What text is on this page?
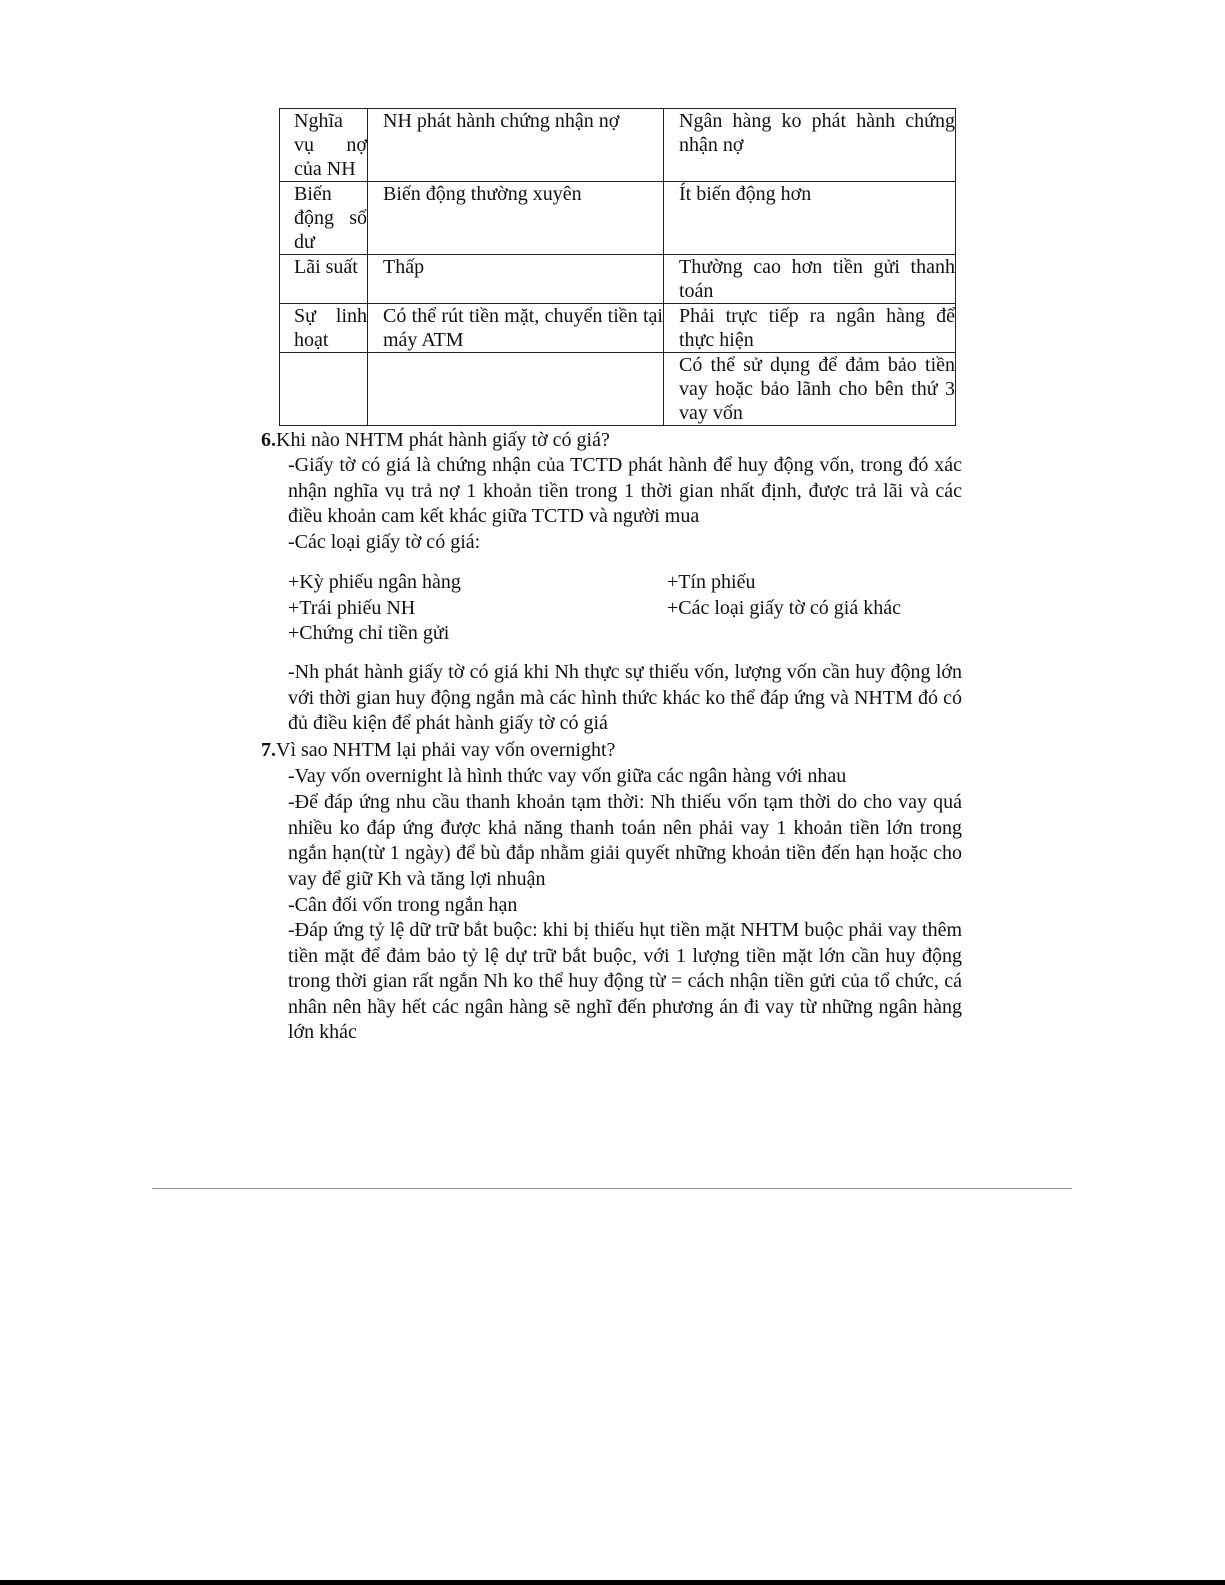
Nghĩa vụ nợ của NH	NH phát hành chứng nhận nợ	Ngân hàng ko phát hành chứng nhận nợ
Biến động số dư	Biến động thường xuyên	Ít biến động hơn
Lãi suất	Thấp	Thường cao hơn tiền gửi thanh toán
Sự linh hoạt	Có thể rút tiền mặt, chuyển tiền tại máy ATM	Phải trực tiếp ra ngân hàng để thực hiện
		Có thể sử dụng để đảm bảo tiền vay hoặc bảo lãnh cho bên thứ 3 vay vốn
6.Khi nào NHTM phát hành giấy tờ có giá?
-Giấy tờ có giá là chứng nhận của TCTD phát hành để huy động vốn, trong đó xác nhận nghĩa vụ trả nợ 1 khoản tiền trong 1 thời gian nhất định, được trả lãi và các điều khoản cam kết khác giữa TCTD và người mua
-Các loại giấy tờ có giá:
+Kỳ phiếu ngân hàng
+Trái phiếu NH
+Chứng chỉ tiền gửi
+Tín phiếu
+Các loại giấy tờ có giá khác
-Nh phát hành giấy tờ có giá khi Nh thực sự thiếu vốn, lượng vốn cần huy động lớn với thời gian huy động ngắn mà các hình thức khác ko thể đáp ứng và NHTM đó có đủ điều kiện để phát hành giấy tờ có giá
7.Vì sao NHTM lại phải vay vốn overnight?
-Vay vốn overnight là hình thức vay vốn giữa các ngân hàng với nhau
-Để đáp ứng nhu cầu thanh khoản tạm thời: Nh thiếu vốn tạm thời do cho vay quá nhiều ko đáp ứng được khả năng thanh toán nên phải vay 1 khoản tiền lớn trong ngắn hạn(từ 1 ngày) để bù đắp nhằm giải quyết những khoản tiền đến hạn hoặc cho vay để giữ Kh và tăng lợi nhuận
-Cân đối vốn trong ngắn hạn
-Đáp ứng tỷ lệ dữ trữ bắt buộc: khi bị thiếu hụt tiền mặt NHTM buộc phải vay thêm tiền mặt để đảm bảo tỷ lệ dự trữ bắt buộc, với 1 lượng tiền mặt lớn cần huy động trong thời gian rất ngắn Nh ko thể huy động từ = cách nhận tiền gửi của tổ chức, cá nhân nên hầy hết các ngân hàng sẽ nghĩ đến phương án đi vay từ những ngân hàng lớn khác
